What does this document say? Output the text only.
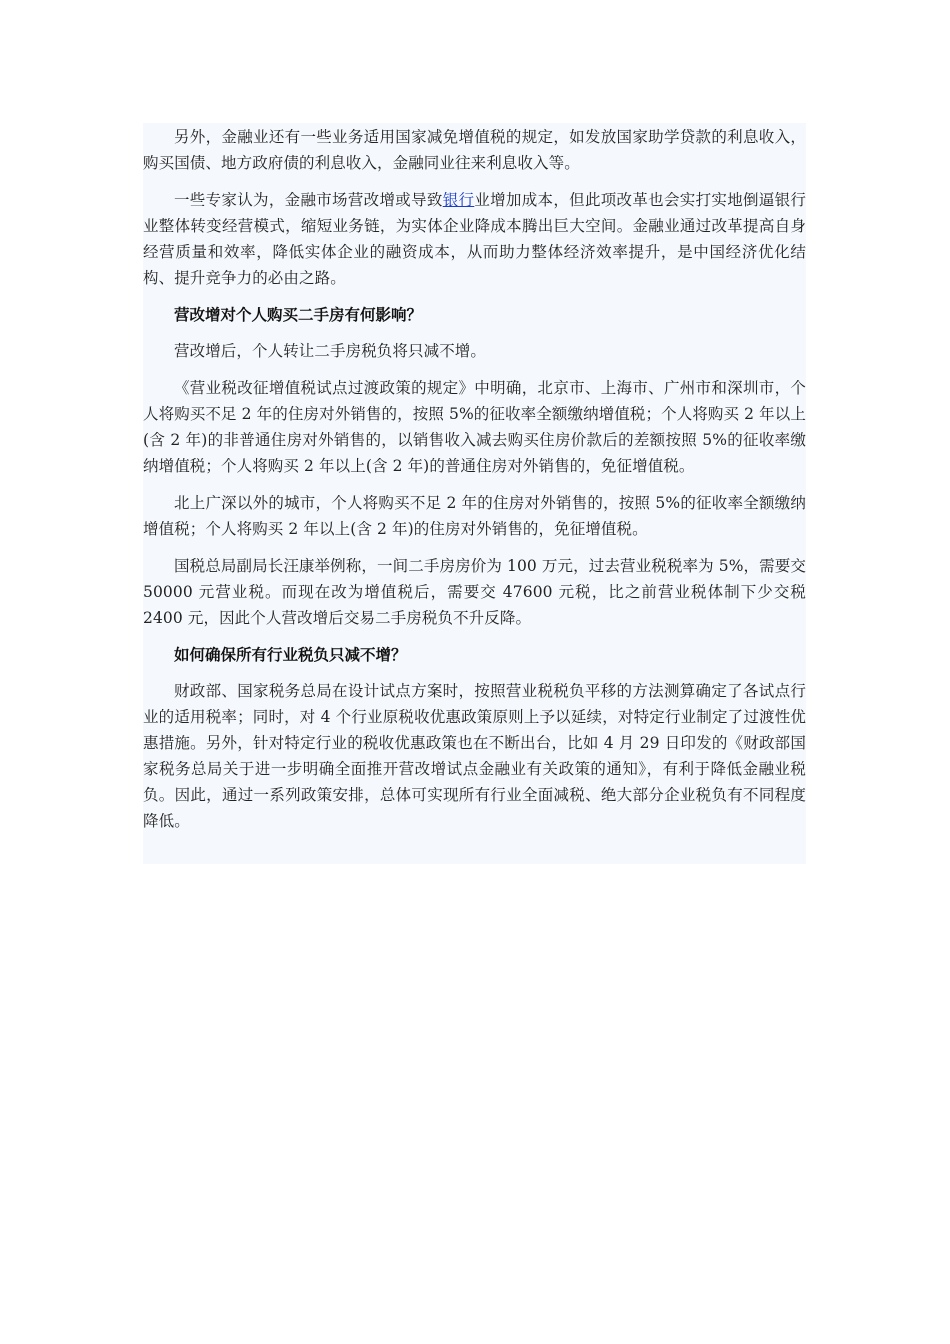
另外，金融业还有一些业务适用国家减免增值税的规定，如发放国家助学贷款的利息收入，购买国债、地方政府债的利息收入，金融同业往来利息收入等。

一些专家认为，金融市场营改增或导致银行业增加成本，但此项改革也会实打实地倒逼银行业整体转变经营模式，缩短业务链，为实体企业降成本腾出巨大空间。金融业通过改革提高自身经营质量和效率，降低实体企业的融资成本，从而助力整体经济效率提升，是中国经济优化结构、提升竞争力的必由之路。

营改增对个人购买二手房有何影响？

营改增后，个人转让二手房税负将只减不增。

《营业税改征增值税试点过渡政策的规定》中明确，北京市、上海市、广州市和深圳市，个人将购买不足 2 年的住房对外销售的，按照 5%的征收率全额缴纳增值税；个人将购买 2 年以上(含 2 年)的非普通住房对外销售的，以销售收入减去购买住房价款后的差额按照 5%的征收率缴纳增值税；个人将购买 2 年以上(含 2 年)的普通住房对外销售的，免征增值税。

北上广深以外的城市，个人将购买不足 2 年的住房对外销售的，按照 5%的征收率全额缴纳增值税；个人将购买 2 年以上(含 2 年)的住房对外销售的，免征增值税。

国税总局副局长汪康举例称，一间二手房房价为 100 万元，过去营业税税率为 5%，需要交 50000 元营业税。而现在改为增值税后，需要交 47600 元税，比之前营业税体制下少交税 2400 元，因此个人营改增后交易二手房税负不升反降。

如何确保所有行业税负只减不增？

财政部、国家税务总局在设计试点方案时，按照营业税税负平移的方法测算确定了各试点行业的适用税率；同时，对 4 个行业原税收优惠政策原则上予以延续，对特定行业制定了过渡性优惠措施。另外，针对特定行业的税收优惠政策也在不断出台，比如 4 月 29 日印发的《财政部国家税务总局关于进一步明确全面推开营改增试点金融业有关政策的通知》，有利于降低金融业税负。因此，通过一系列政策安排，总体可实现所有行业全面减税、绝大部分企业税负有不同程度降低。
